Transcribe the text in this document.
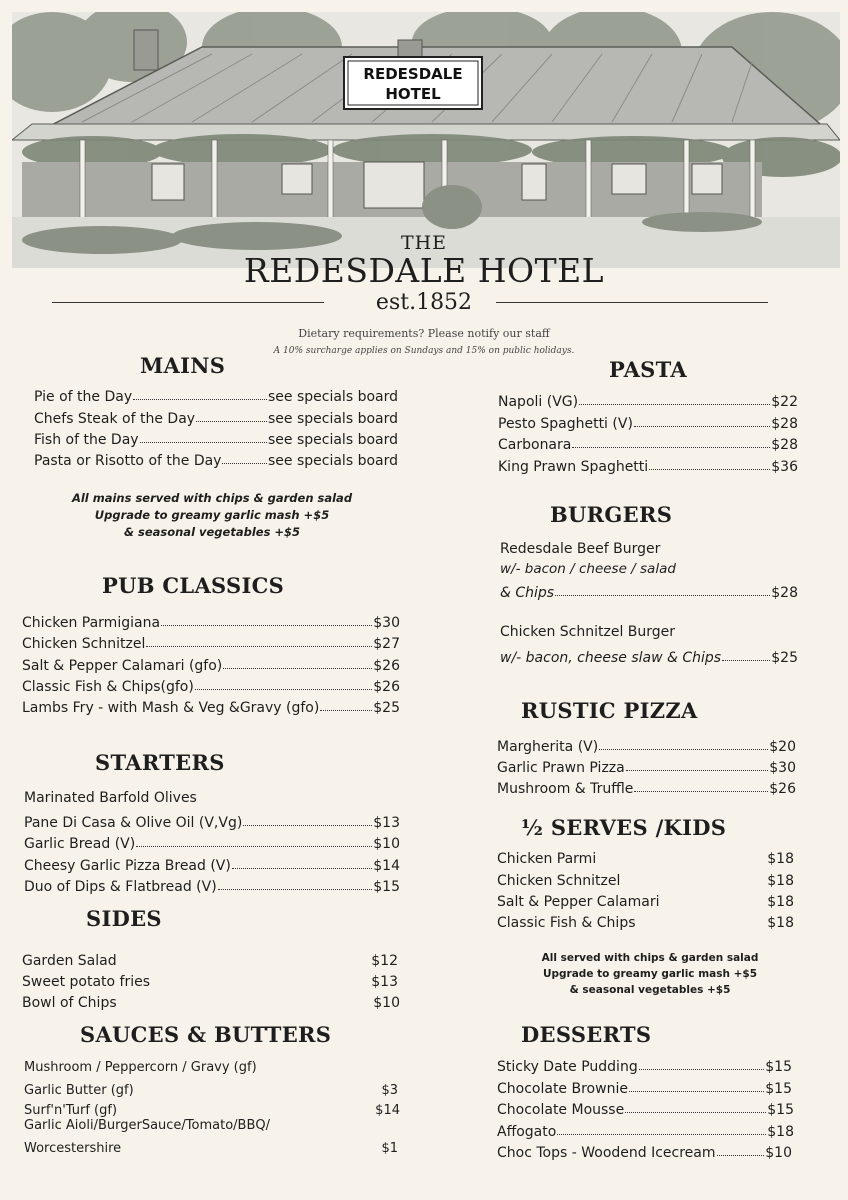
REDESDALE
HOTEL
THE
REDESDALE HOTEL
est.1852
Dietary requirements? Please notify our staff
A 10% surcharge applies on Sundays and 15% on public holidays.
MAINS
Pie of the Day	see specials board
Chefs Steak of the Day	see specials board
Fish of the Day	see specials board
Pasta or Risotto of the Day	see specials board
All mains served with chips & garden salad
Upgrade to greamy garlic mash +$5
& seasonal vegetables +$5
PUB CLASSICS
Chicken Parmigiana	$30
Chicken Schnitzel	$27
Salt & Pepper Calamari (gfo)	$26
Classic Fish & Chips(gfo)	$26
Lambs Fry - with Mash & Veg &Gravy (gfo)	$25
STARTERS
Marinated Barfold Olives
Pane Di Casa & Olive Oil (V,Vg)	$13
Garlic Bread (V)	$10
Cheesy Garlic Pizza Bread (V)	$14
Duo of Dips & Flatbread (V)	$15
SIDES
Garden Salad	$12
Sweet potato fries	$13
Bowl of Chips	$10
SAUCES & BUTTERS
Mushroom / Peppercorn / Gravy (gf)
Garlic Butter (gf)	$3
Surf'n'Turf (gf)	$14
Garlic Aioli/BurgerSauce/Tomato/BBQ/
Worcestershire	$1
PASTA
Napoli (VG)	$22
Pesto Spaghetti (V)	$28
Carbonara	$28
King Prawn Spaghetti	$36
BURGERS
Redesdale Beef Burger
w/- bacon / cheese / salad
& Chips	$28
Chicken Schnitzel Burger
w/- bacon, cheese slaw & Chips	$25
RUSTIC PIZZA
Margherita (V)	$20
Garlic Prawn Pizza	$30
Mushroom & Truffle	$26
½ SERVES /KIDS
Chicken Parmi	$18
Chicken Schnitzel	$18
Salt & Pepper Calamari	$18
Classic Fish & Chips	$18
All served with chips & garden salad
Upgrade to greamy garlic mash +$5
& seasonal vegetables +$5
DESSERTS
Sticky Date Pudding	$15
Chocolate Brownie	$15
Chocolate Mousse	$15
Affogato	$18
Choc Tops - Woodend Icecream	$10
